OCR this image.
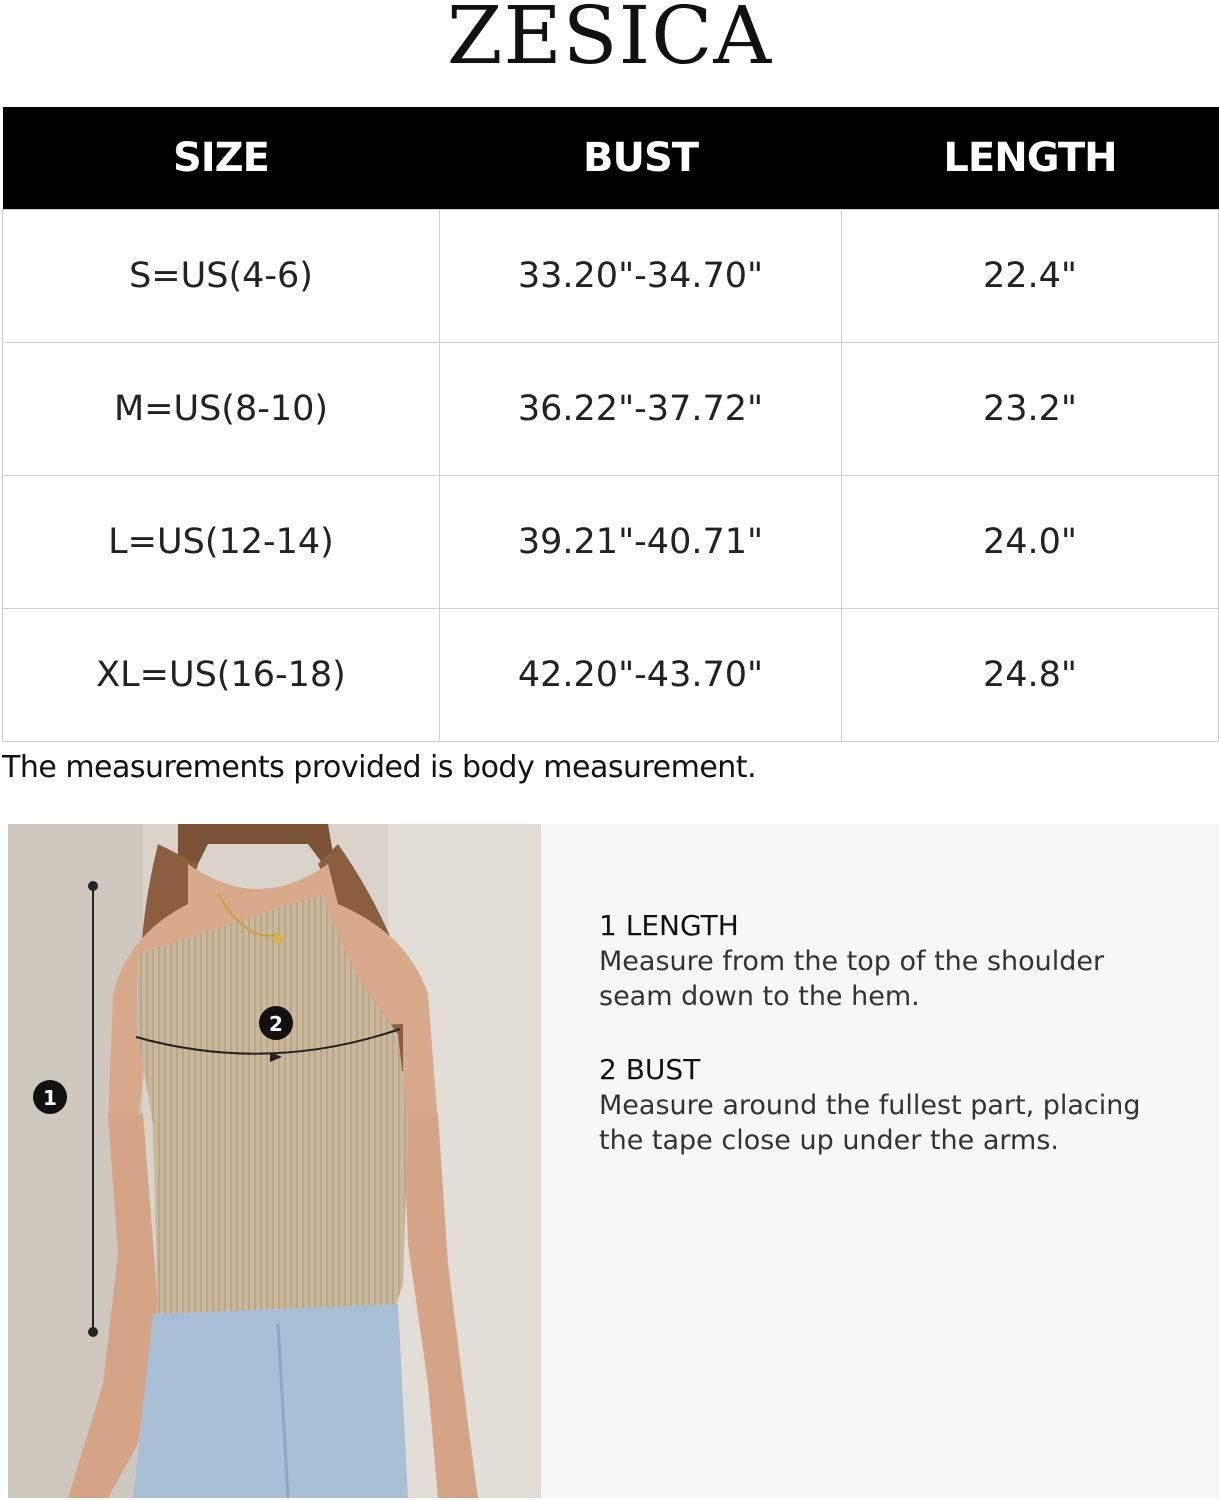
ZESICA
SIZE	BUST	LENGTH
S=US(4-6)	33.20"-34.70"	22.4"
M=US(8-10)	36.22"-37.72"	23.2"
L=US(12-14)	39.21"-40.71"	24.0"
XL=US(16-18)	42.20"-43.70"	24.8"
The measurements provided is body measurement.
1
2
1 LENGTH
Measure from the top of the shoulder
seam down to the hem.
2 BUST
Measure around the fullest part, placing
the tape close up under the arms.
